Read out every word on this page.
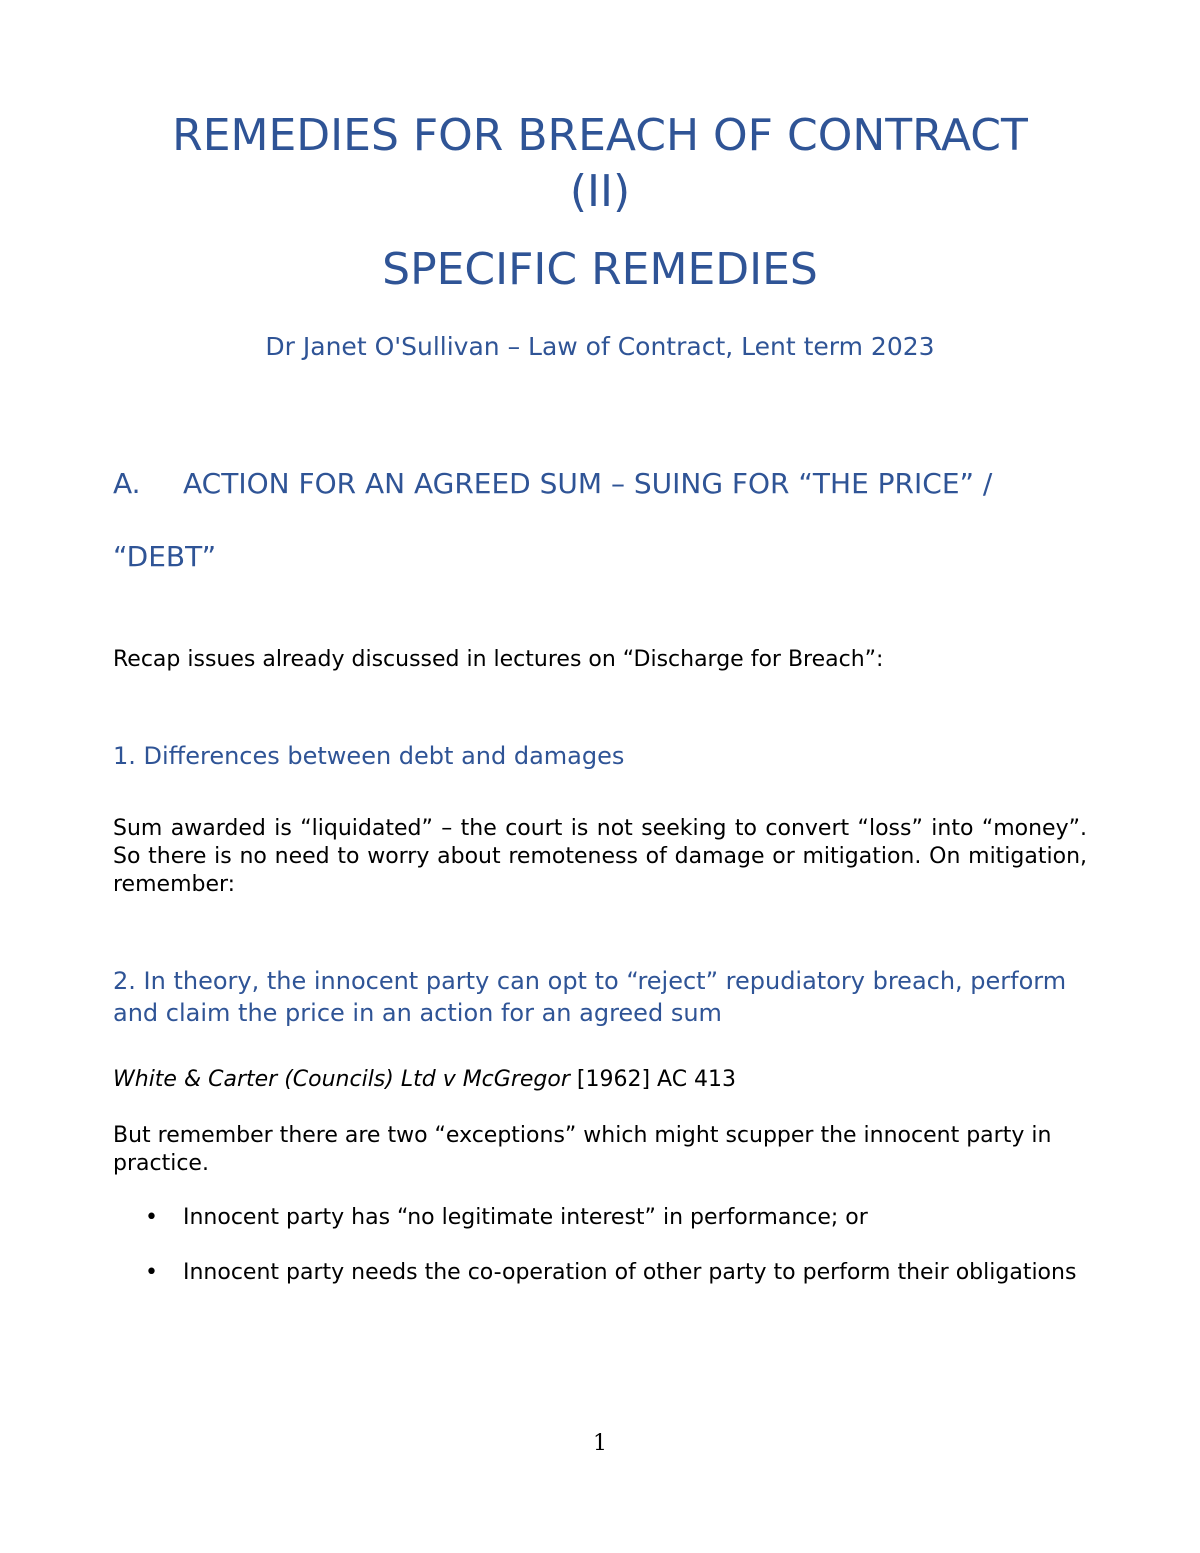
REMEDIES FOR BREACH OF CONTRACT
(II)
SPECIFIC REMEDIES

Dr Janet O'Sullivan – Law of Contract, Lent term 2023

A. ACTION FOR AN AGREED SUM – SUING FOR “THE PRICE” /
“DEBT”

Recap issues already discussed in lectures on “Discharge for Breach”:

1. Differences between debt and damages

Sum awarded is “liquidated” – the court is not seeking to convert “loss” into “money”. So there is no need to worry about remoteness of damage or mitigation. On mitigation, remember:

2. In theory, the innocent party can opt to “reject” repudiatory breach, perform and claim the price in an action for an agreed sum

White & Carter (Councils) Ltd v McGregor [1962] AC 413

But remember there are two “exceptions” which might scupper the innocent party in practice.

• Innocent party has “no legitimate interest” in performance; or
• Innocent party needs the co-operation of other party to perform their obligations
1
